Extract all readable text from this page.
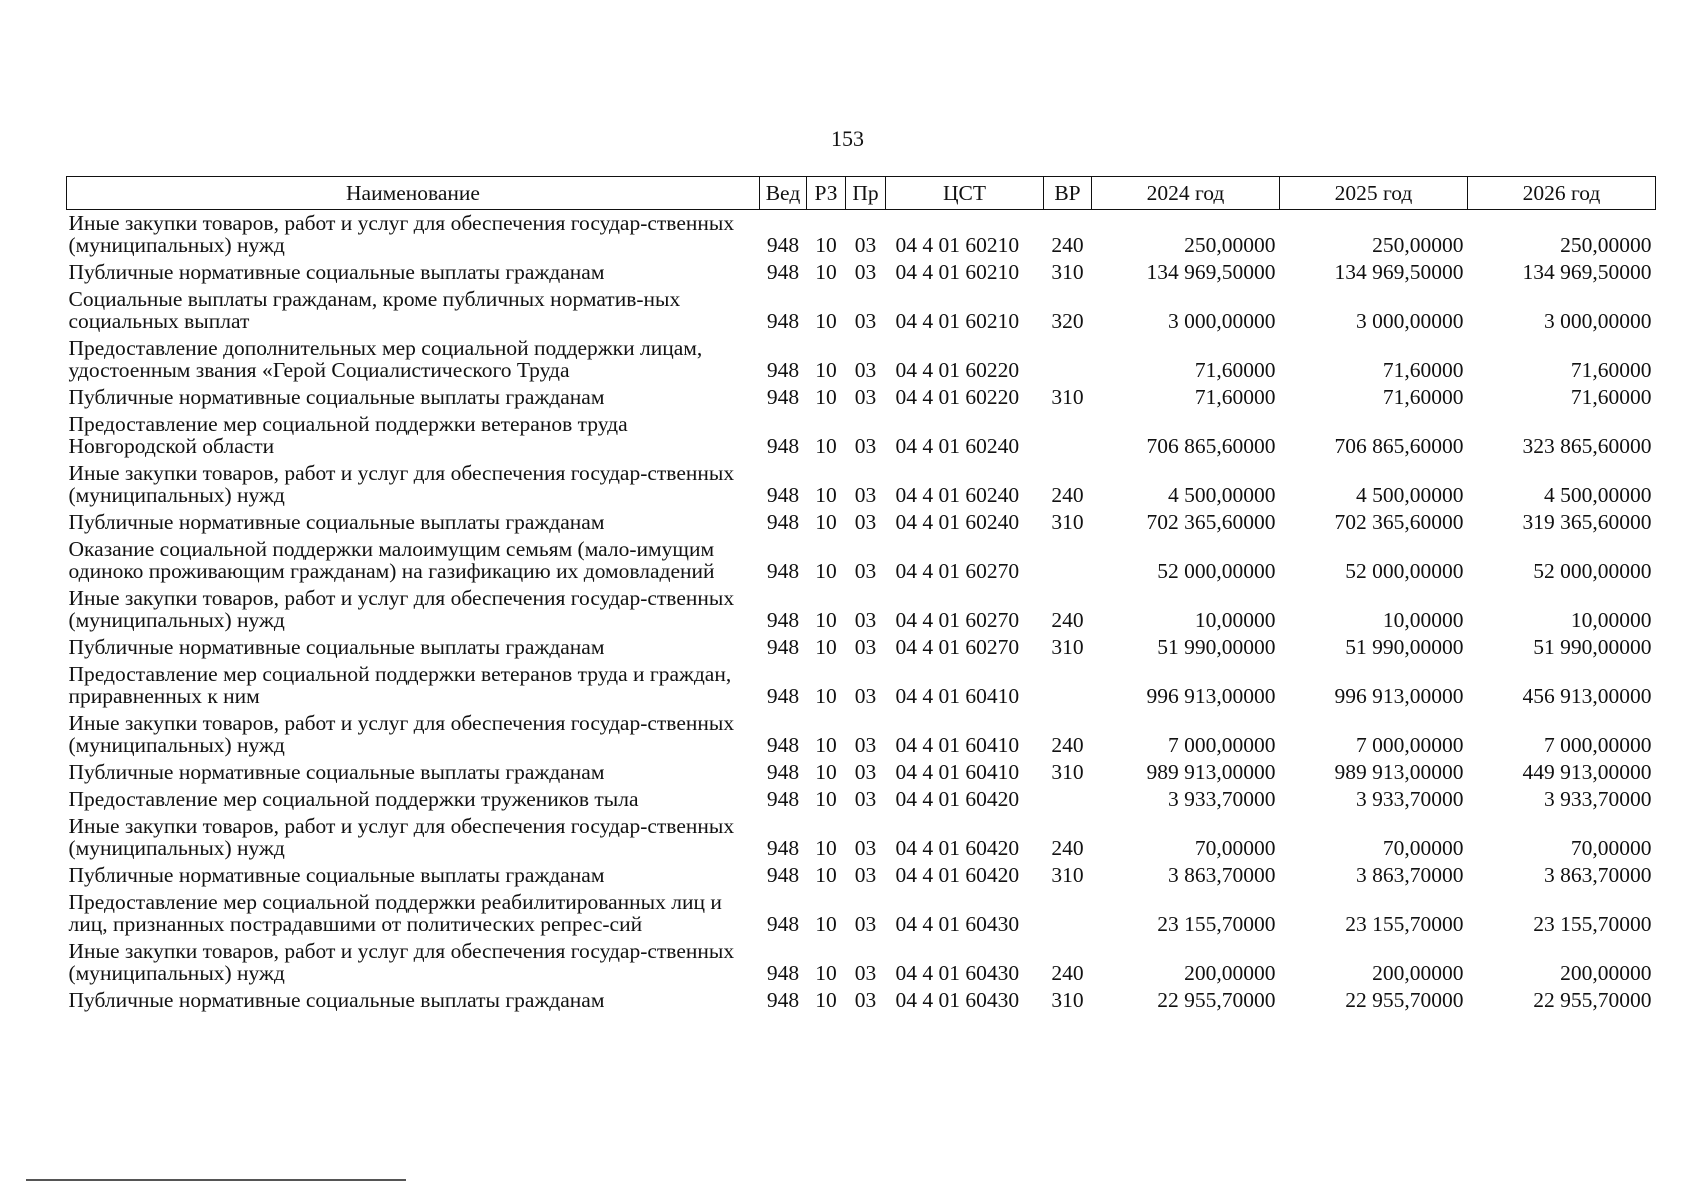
153
Наименование	Вед	РЗ	Пр	ЦСТ	ВР	2024 год	2025 год	2026 год
Иные закупки товаров, работ и услуг для обеспечения государ-ственных (муниципальных) нужд	948	10	03	04 4 01 60210	240	250,00000	250,00000	250,00000
Публичные нормативные социальные выплаты гражданам	948	10	03	04 4 01 60210	310	134 969,50000	134 969,50000	134 969,50000
Социальные выплаты гражданам, кроме публичных норматив-ных социальных выплат	948	10	03	04 4 01 60210	320	3 000,00000	3 000,00000	3 000,00000
Предоставление дополнительных мер социальной поддержки лицам, удостоенным звания «Герой Социалистического Труда	948	10	03	04 4 01 60220		71,60000	71,60000	71,60000
Публичные нормативные социальные выплаты гражданам	948	10	03	04 4 01 60220	310	71,60000	71,60000	71,60000
Предоставление мер социальной поддержки ветеранов труда Новгородской области	948	10	03	04 4 01 60240		706 865,60000	706 865,60000	323 865,60000
Иные закупки товаров, работ и услуг для обеспечения государ-ственных (муниципальных) нужд	948	10	03	04 4 01 60240	240	4 500,00000	4 500,00000	4 500,00000
Публичные нормативные социальные выплаты гражданам	948	10	03	04 4 01 60240	310	702 365,60000	702 365,60000	319 365,60000
Оказание социальной поддержки малоимущим семьям (мало-имущим одиноко проживающим гражданам) на газификацию их домовладений	948	10	03	04 4 01 60270		52 000,00000	52 000,00000	52 000,00000
Иные закупки товаров, работ и услуг для обеспечения государ-ственных (муниципальных) нужд	948	10	03	04 4 01 60270	240	10,00000	10,00000	10,00000
Публичные нормативные социальные выплаты гражданам	948	10	03	04 4 01 60270	310	51 990,00000	51 990,00000	51 990,00000
Предоставление мер социальной поддержки ветеранов труда и граждан, приравненных к ним	948	10	03	04 4 01 60410		996 913,00000	996 913,00000	456 913,00000
Иные закупки товаров, работ и услуг для обеспечения государ-ственных (муниципальных) нужд	948	10	03	04 4 01 60410	240	7 000,00000	7 000,00000	7 000,00000
Публичные нормативные социальные выплаты гражданам	948	10	03	04 4 01 60410	310	989 913,00000	989 913,00000	449 913,00000
Предоставление мер социальной поддержки тружеников тыла	948	10	03	04 4 01 60420		3 933,70000	3 933,70000	3 933,70000
Иные закупки товаров, работ и услуг для обеспечения государ-ственных (муниципальных) нужд	948	10	03	04 4 01 60420	240	70,00000	70,00000	70,00000
Публичные нормативные социальные выплаты гражданам	948	10	03	04 4 01 60420	310	3 863,70000	3 863,70000	3 863,70000
Предоставление мер социальной поддержки реабилитированных лиц и лиц, признанных пострадавшими от политических репрес-сий	948	10	03	04 4 01 60430		23 155,70000	23 155,70000	23 155,70000
Иные закупки товаров, работ и услуг для обеспечения государ-ственных (муниципальных) нужд	948	10	03	04 4 01 60430	240	200,00000	200,00000	200,00000
Публичные нормативные социальные выплаты гражданам	948	10	03	04 4 01 60430	310	22 955,70000	22 955,70000	22 955,70000
